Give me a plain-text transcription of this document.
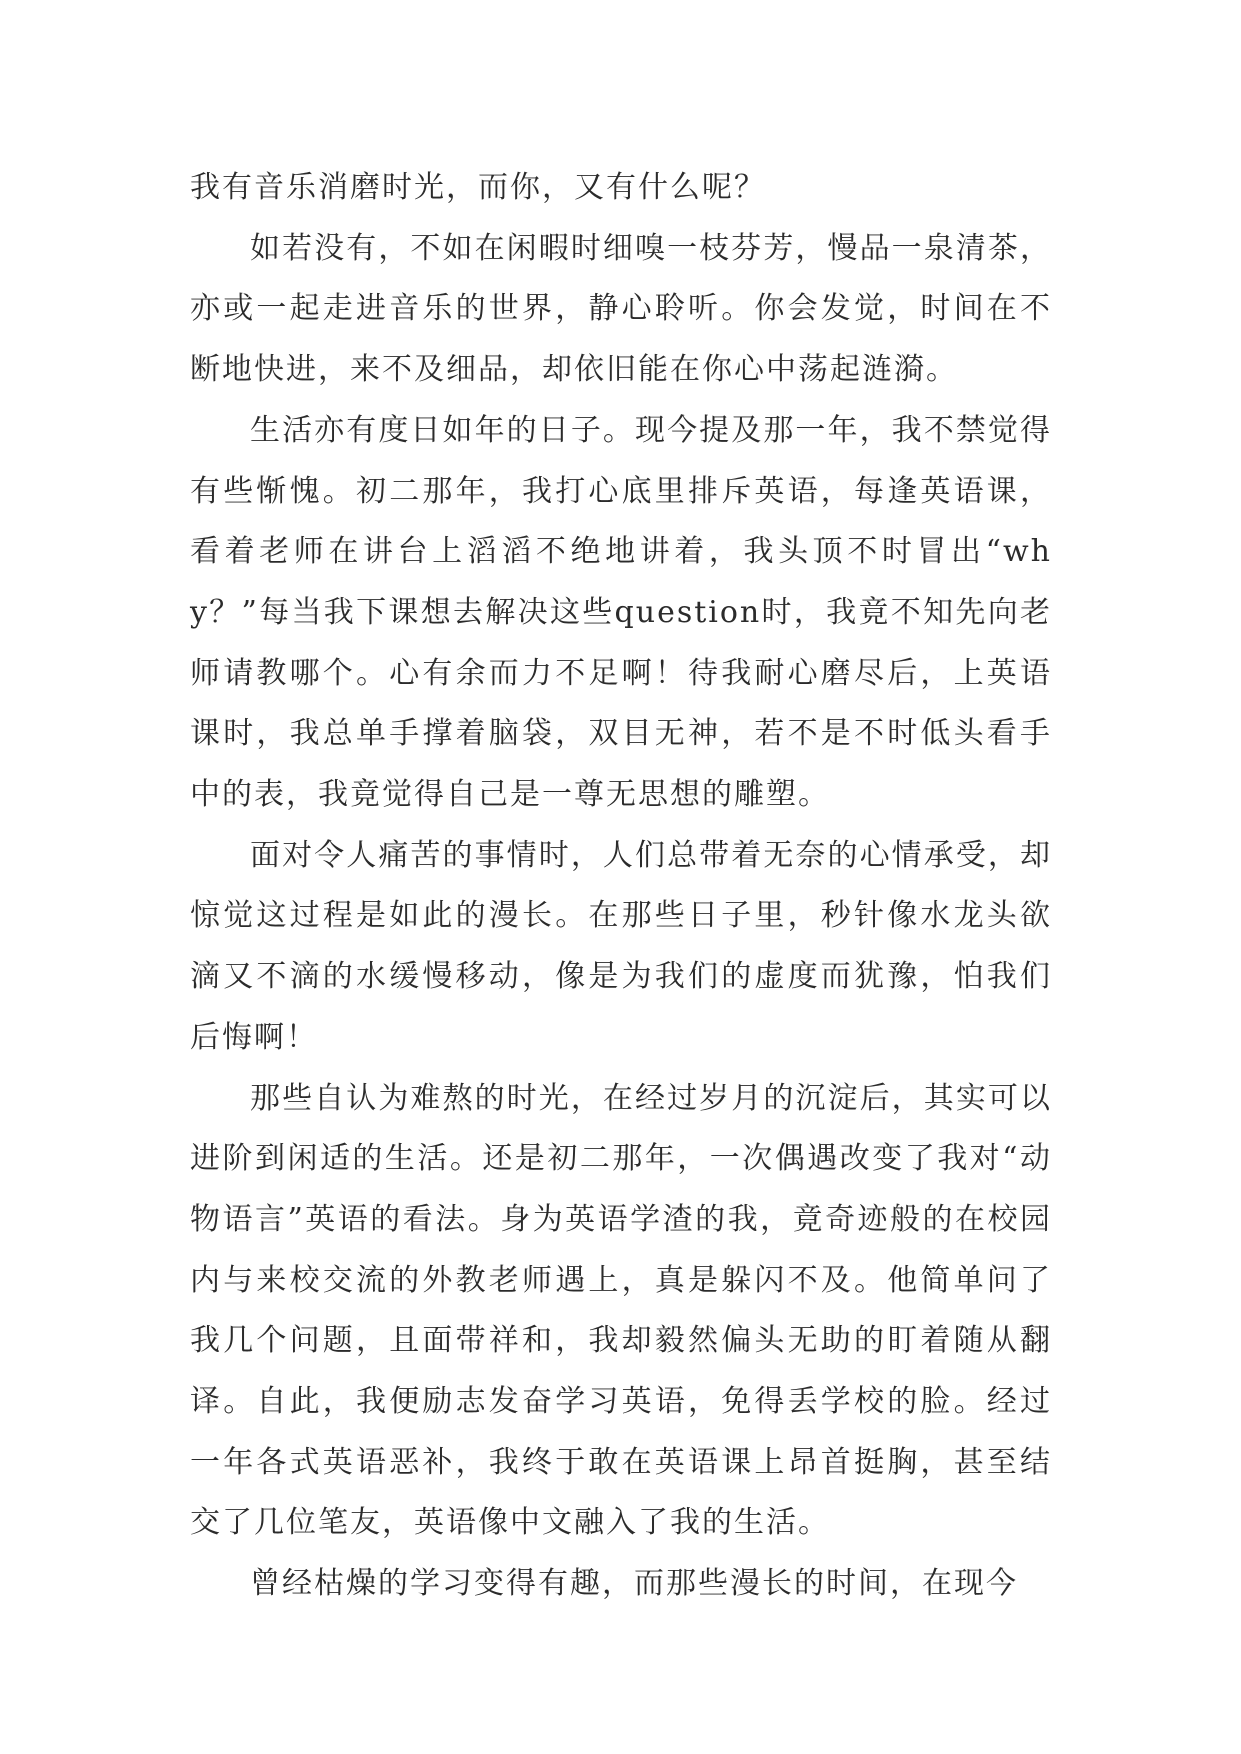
我有音乐消磨时光，而你，又有什么呢？

如若没有，不如在闲暇时细嗅一枝芬芳，慢品一泉清茶，亦或一起走进音乐的世界，静心聆听。你会发觉，时间在不断地快进，来不及细品，却依旧能在你心中荡起涟漪。

生活亦有度日如年的日子。现今提及那一年，我不禁觉得有些惭愧。初二那年，我打心底里排斥英语，每逢英语课，看着老师在讲台上滔滔不绝地讲着，我头顶不时冒出“why？”每当我下课想去解决这些question时，我竟不知先向老师请教哪个。心有余而力不足啊！待我耐心磨尽后，上英语课时，我总单手撑着脑袋，双目无神，若不是不时低头看手中的表，我竟觉得自己是一尊无思想的雕塑。

面对令人痛苦的事情时，人们总带着无奈的心情承受，却惊觉这过程是如此的漫长。在那些日子里，秒针像水龙头欲滴又不滴的水缓慢移动，像是为我们的虚度而犹豫，怕我们后悔啊！

那些自认为难熬的时光，在经过岁月的沉淀后，其实可以进阶到闲适的生活。还是初二那年，一次偶遇改变了我对“动物语言”英语的看法。身为英语学渣的我，竟奇迹般的在校园内与来校交流的外教老师遇上，真是躲闪不及。他简单问了我几个问题，且面带祥和，我却毅然偏头无助的盯着随从翻译。自此，我便励志发奋学习英语，免得丢学校的脸。经过一年各式英语恶补，我终于敢在英语课上昂首挺胸，甚至结交了几位笔友，英语像中文融入了我的生活。

曾经枯燥的学习变得有趣，而那些漫长的时间，在现今
